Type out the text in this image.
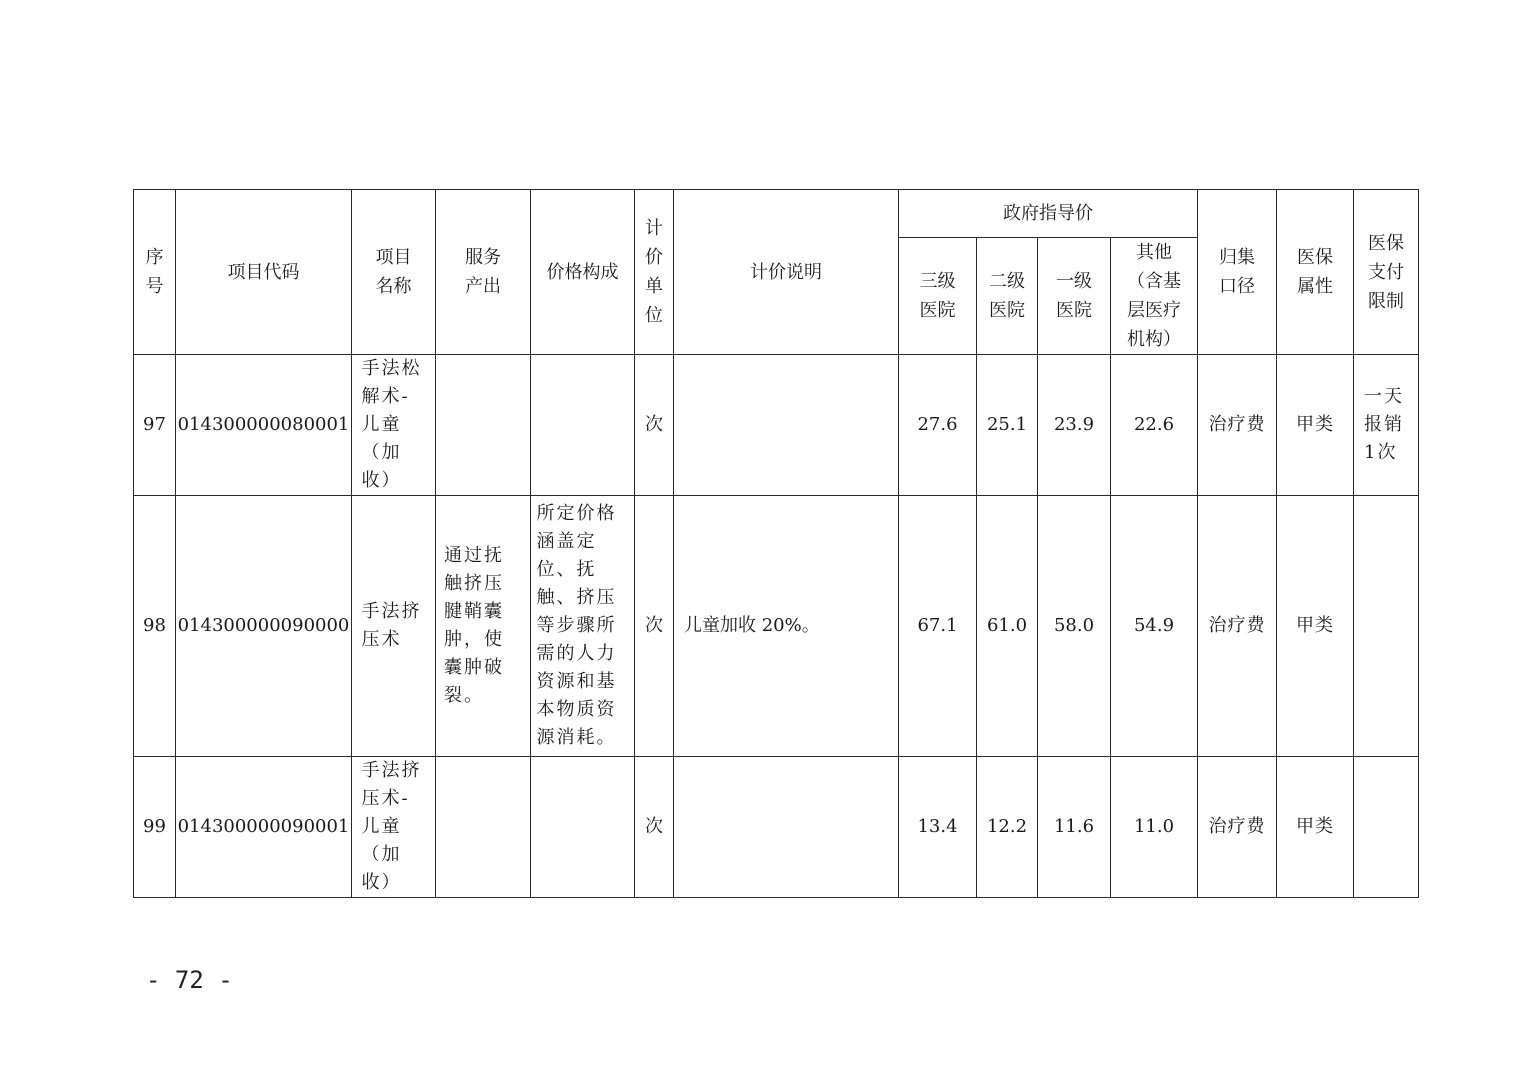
序号	项目代码	项目名称	服务产出	价格构成	计价单位	计价说明	政府指导价				归集口径	医保属性	医保支付限制

							三级医院	二级医院	一级医院	其他（含基层医疗机构）			

97	014300000080001	手法松解术-儿童（加收）			次		27.6	25.1	23.9	22.6	治疗费	甲类	一天报销1次

98	014300000090000	手法挤压术	通过抚触挤压腱鞘囊肿，使囊肿破裂。	所定价格涵盖定位、抚触、挤压等步骤所需的人力资源和基本物质资源消耗。	次	儿童加收 20%。	67.1	61.0	58.0	54.9	治疗费	甲类	

99	014300000090001	手法挤压术-儿童（加收）			次		13.4	12.2	11.6	11.0	治疗费	甲类	

- 72 -
